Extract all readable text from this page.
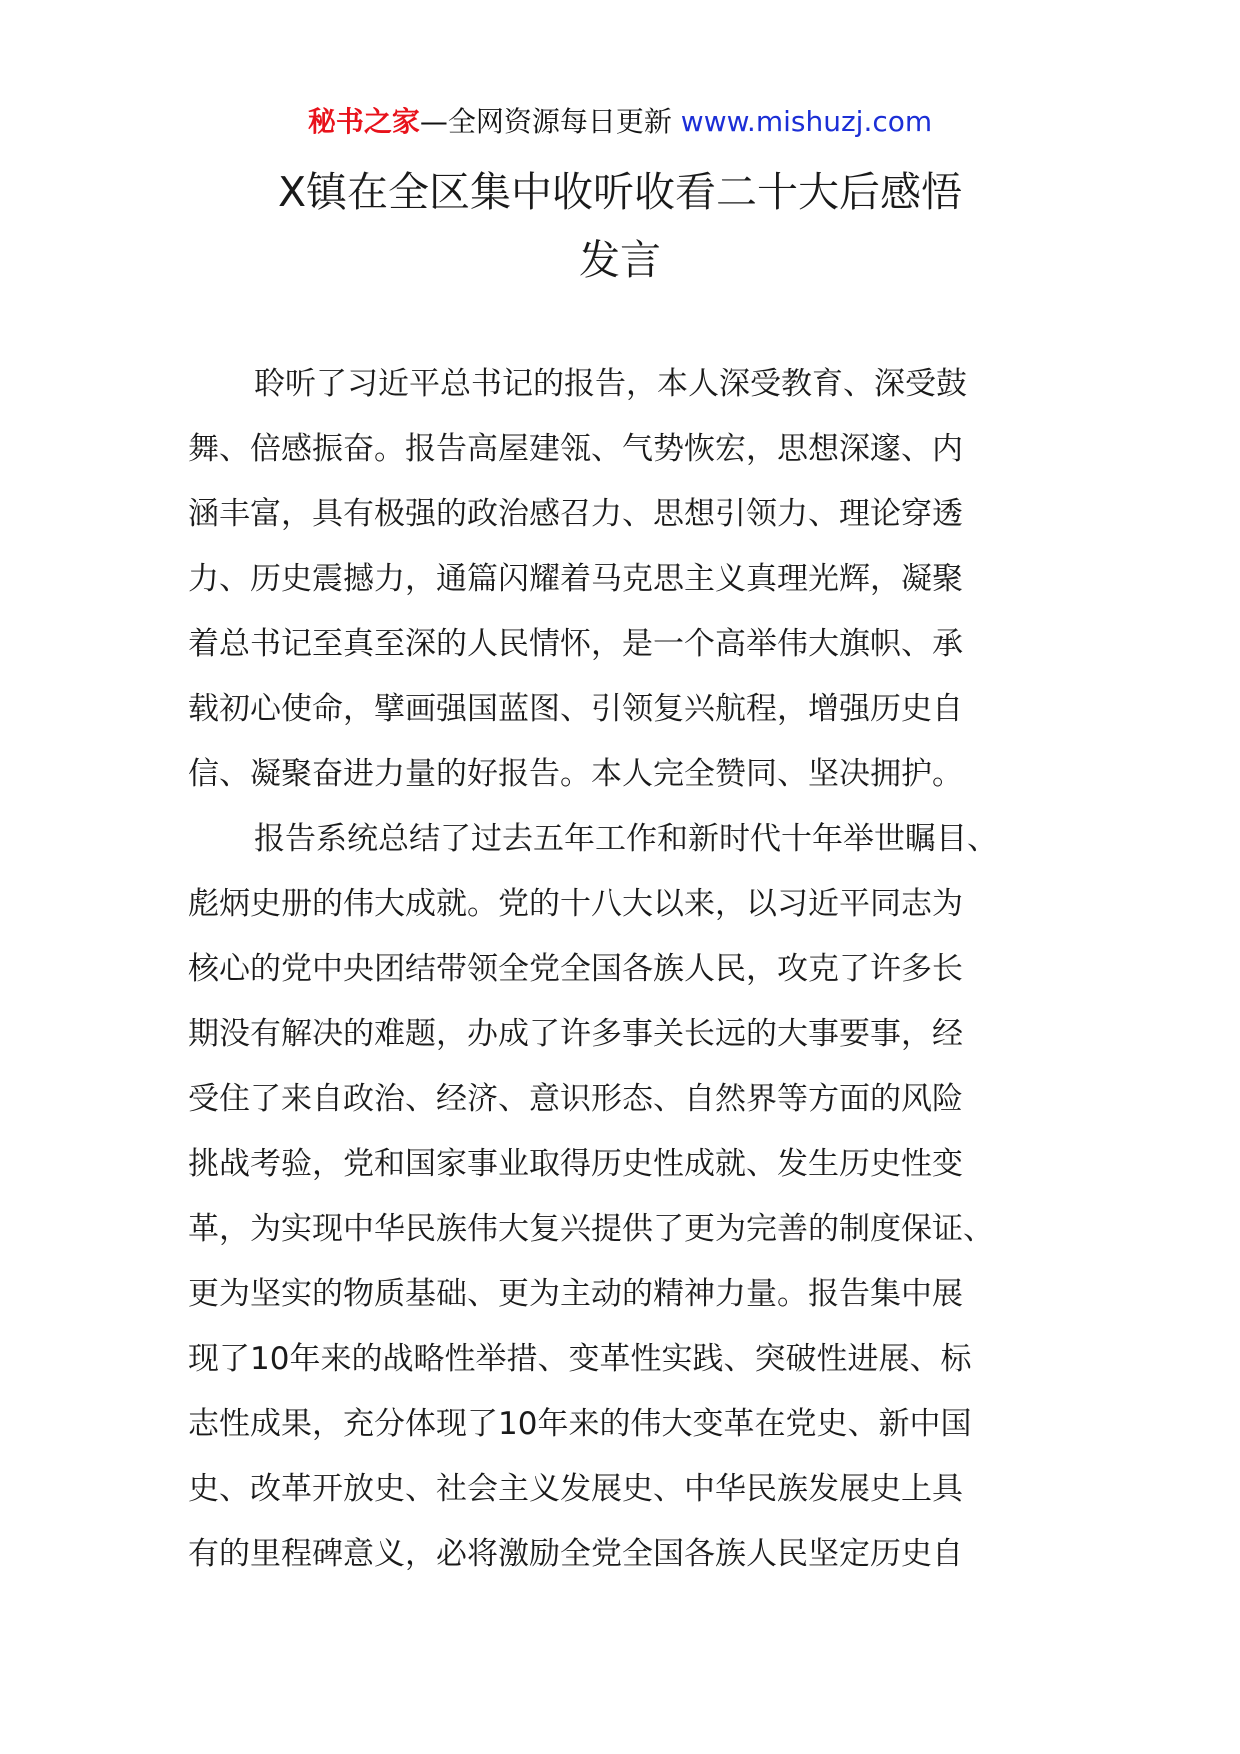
秘书之家—全网资源每日更新 www.mishuzj.com
X镇在全区集中收听收看二十大后感悟
发言
聆听了习近平总书记的报告，本人深受教育、深受鼓
舞、倍感振奋。报告高屋建瓴、气势恢宏，思想深邃、内
涵丰富，具有极强的政治感召力、思想引领力、理论穿透
力、历史震撼力，通篇闪耀着马克思主义真理光辉，凝聚
着总书记至真至深的人民情怀，是一个高举伟大旗帜、承
载初心使命，擘画强国蓝图、引领复兴航程，增强历史自
信、凝聚奋进力量的好报告。本人完全赞同、坚决拥护。
报告系统总结了过去五年工作和新时代十年举世瞩目、
彪炳史册的伟大成就。党的十八大以来，以习近平同志为
核心的党中央团结带领全党全国各族人民，攻克了许多长
期没有解决的难题，办成了许多事关长远的大事要事，经
受住了来自政治、经济、意识形态、自然界等方面的风险
挑战考验，党和国家事业取得历史性成就、发生历史性变
革，为实现中华民族伟大复兴提供了更为完善的制度保证、
更为坚实的物质基础、更为主动的精神力量。报告集中展
现了10年来的战略性举措、变革性实践、突破性进展、标
志性成果，充分体现了10年来的伟大变革在党史、新中国
史、改革开放史、社会主义发展史、中华民族发展史上具
有的里程碑意义，必将激励全党全国各族人民坚定历史自
